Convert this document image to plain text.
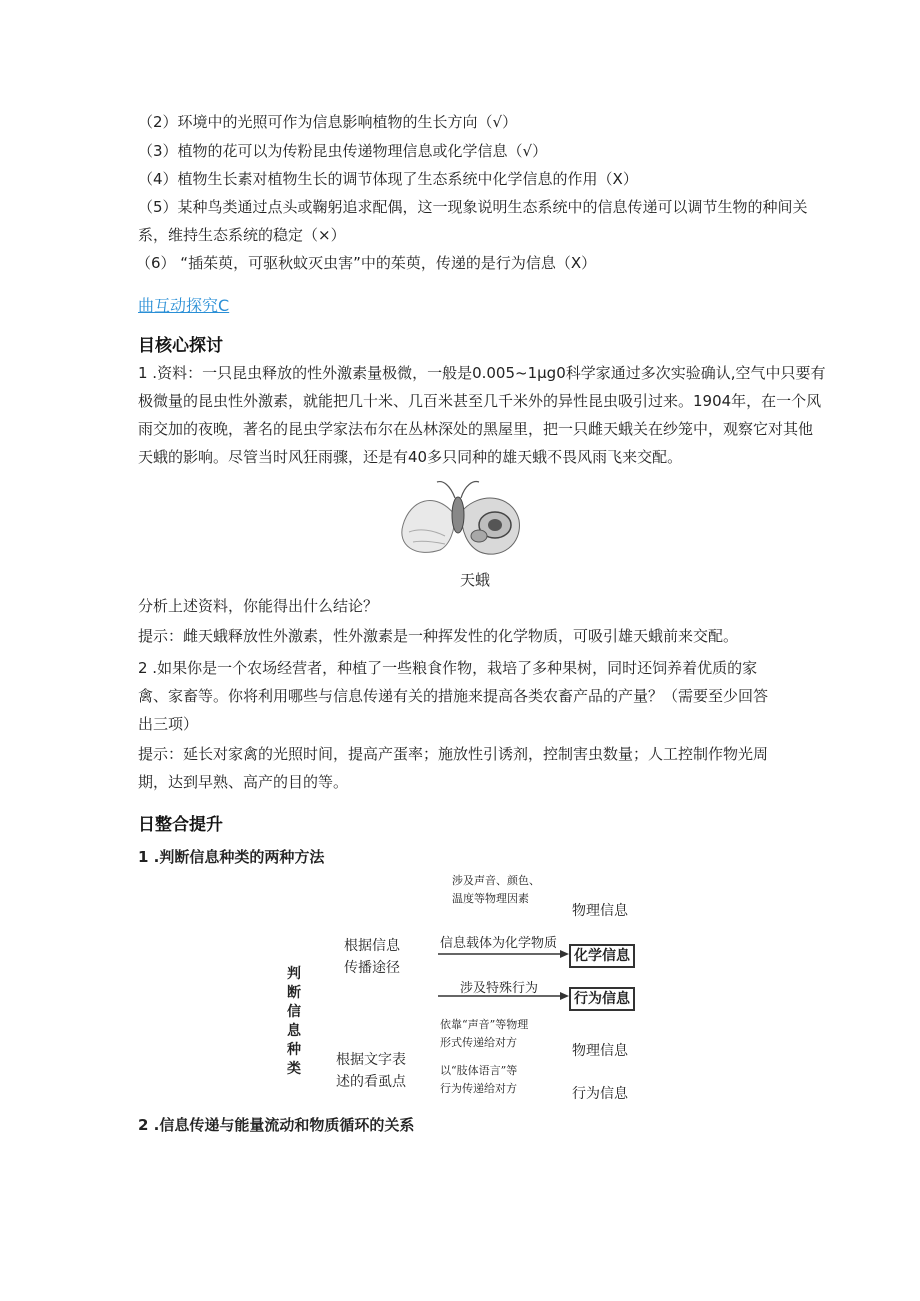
（2）环境中的光照可作为信息影响植物的生长方向（√）
（3）植物的花可以为传粉昆虫传递物理信息或化学信息（√）
（4）植物生长素对植物生长的调节体现了生态系统中化学信息的作用（X）
（5）某种鸟类通过点头或鞠躬追求配偶，这一现象说明生态系统中的信息传递可以调节生物的种间关
系，维持生态系统的稳定（×）
（6） “插茱萸，可驱秋蚊灭虫害”中的茱萸，传递的是行为信息（X）
曲互动探究C
目核心探讨
1 .资料：一只昆虫释放的性外激素量极微，一般是0.005~1μg0科学家通过多次实验确认,空气中只要有
极微量的昆虫性外激素，就能把几十米、几百米甚至几千米外的异性昆虫吸引过来。1904年，在一个风
雨交加的夜晚，著名的昆虫学家法布尔在丛林深处的黑屋里，把一只雌天蛾关在纱笼中，观察它对其他
天蛾的影响。尽管当时风狂雨骤，还是有40多只同种的雄天蛾不畏风雨飞来交配。
天蛾
分析上述资料，你能得出什么结论？
提示：雌天蛾释放性外激素，性外激素是一种挥发性的化学物质，可吸引雄天蛾前来交配。
2 .如果你是一个农场经营者，种植了一些粮食作物，栽培了多种果树，同时还饲养着优质的家
禽、家畜等。你将利用哪些与信息传递有关的措施来提高各类农畜产品的产量？（需要至少回答
出三项）
提示：延长对家禽的光照时间，提高产蛋率；施放性引诱剂，控制害虫数量；人工控制作物光周
期，达到早熟、高产的目的等。
日整合提升
1 .判断信息种类的两种方法
判
断
信
息
种
类
根据信息
传播途径
根据文字表
述的看虱点
涉及声音、颜色、
温度等物理因素
信息载体为化学物质
涉及特殊行为
依靠“声音”等物理
形式传递给对方
以“肢体语言”等
行为传递给对方
物理信息
化学信息
行为信息
物理信息
行为信息
2 .信息传递与能量流动和物质循环的关系
